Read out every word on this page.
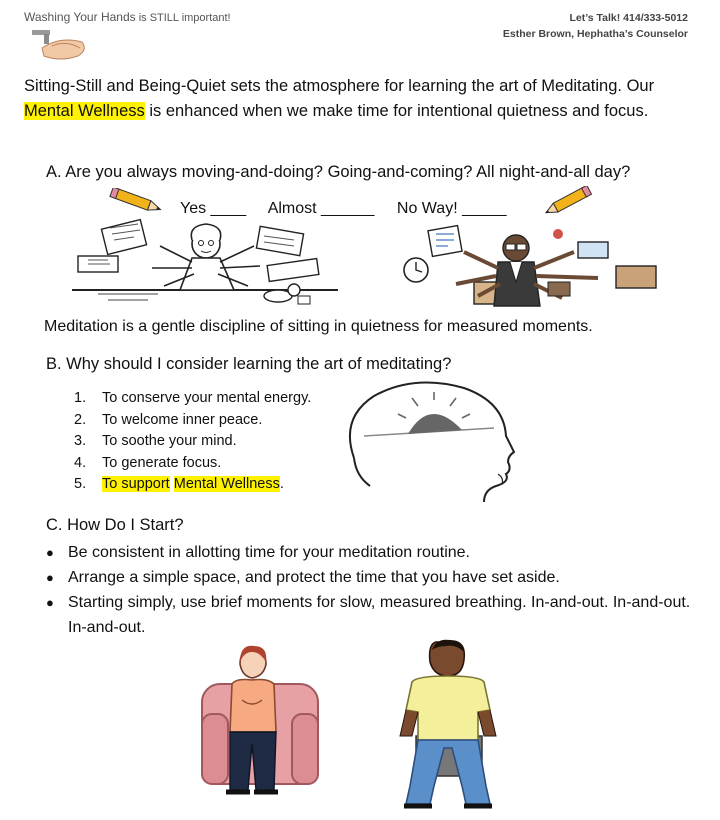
Washing Your Hands is STILL important!	Let’s Talk! 414/333-5012
Esther Brown, Hephatha’s Counselor
Sitting-Still and Being-Quiet sets the atmosphere for learning the art of Meditating. Our Mental Wellness is enhanced when we make time for intentional quietness and focus.
A. Are you always moving-and-doing? Going-and-coming? All night-and-all day?
Yes ____ Almost ______ No Way! _____
Meditation is a gentle discipline of sitting in quietness for measured moments.
B. Why should I consider learning the art of meditating?
1. To conserve your mental energy.
2. To welcome inner peace.
3. To soothe your mind.
4. To generate focus.
5. To support Mental Wellness.
C. How Do I Start?
● Be consistent in allotting time for your meditation routine.
● Arrange a simple space, and protect the time that you have set aside.
● Starting simply, use brief moments for slow, measured breathing. In-and-out. In-and-out. In-and-out.
